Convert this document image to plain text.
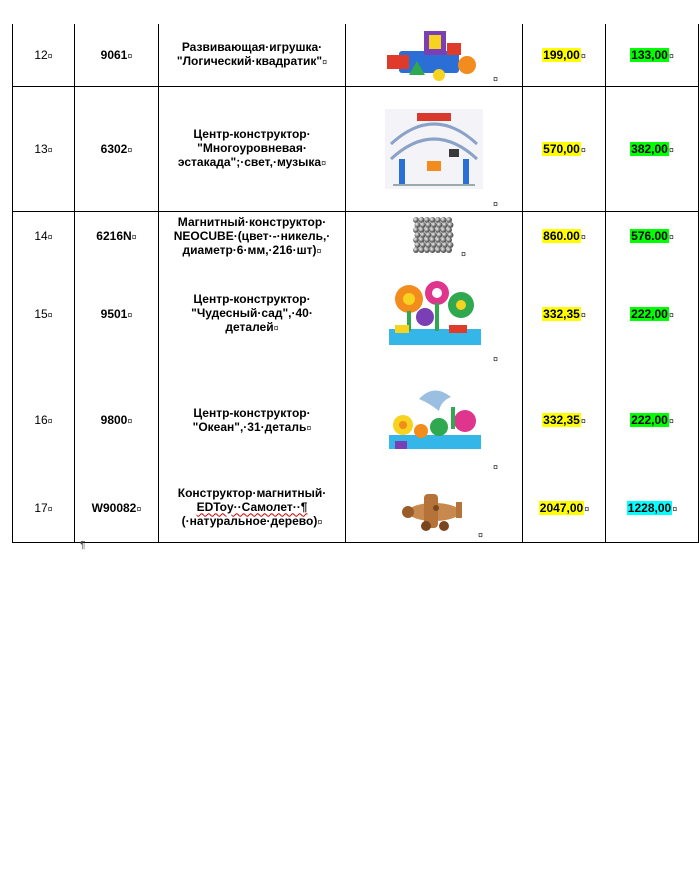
12¤	9061¤	Развивающая·игрушка·
"Логический·квадратик"¤	¤	199,00¤	133,00¤
13¤	6302¤	Центр-конструктор·
"Многоуровневая·
эстакада";·свет,·музыка¤	¤	570,00¤	382,00¤
14¤	6216N¤	Магнитный·конструктор·
NEOCUBE·(цвет·-·никель,·
диаметр·6·мм,·216·шт)¤	¤	860.00¤	576.00¤
15¤	9501¤	Центр-конструктор·
"Чудесный·сад",·40·
деталей¤	¤	332,35¤	222,00¤
16¤	9800¤	Центр-конструктор·
"Океан",·31·деталь¤	¤	332,35¤	222,00¤
17¤	W90082¤	Конструктор·магнитный·
EDToy··Самолет··¶
(·натуральное·дерево)¤	¤	2047,00¤	1228,00¤
¶
